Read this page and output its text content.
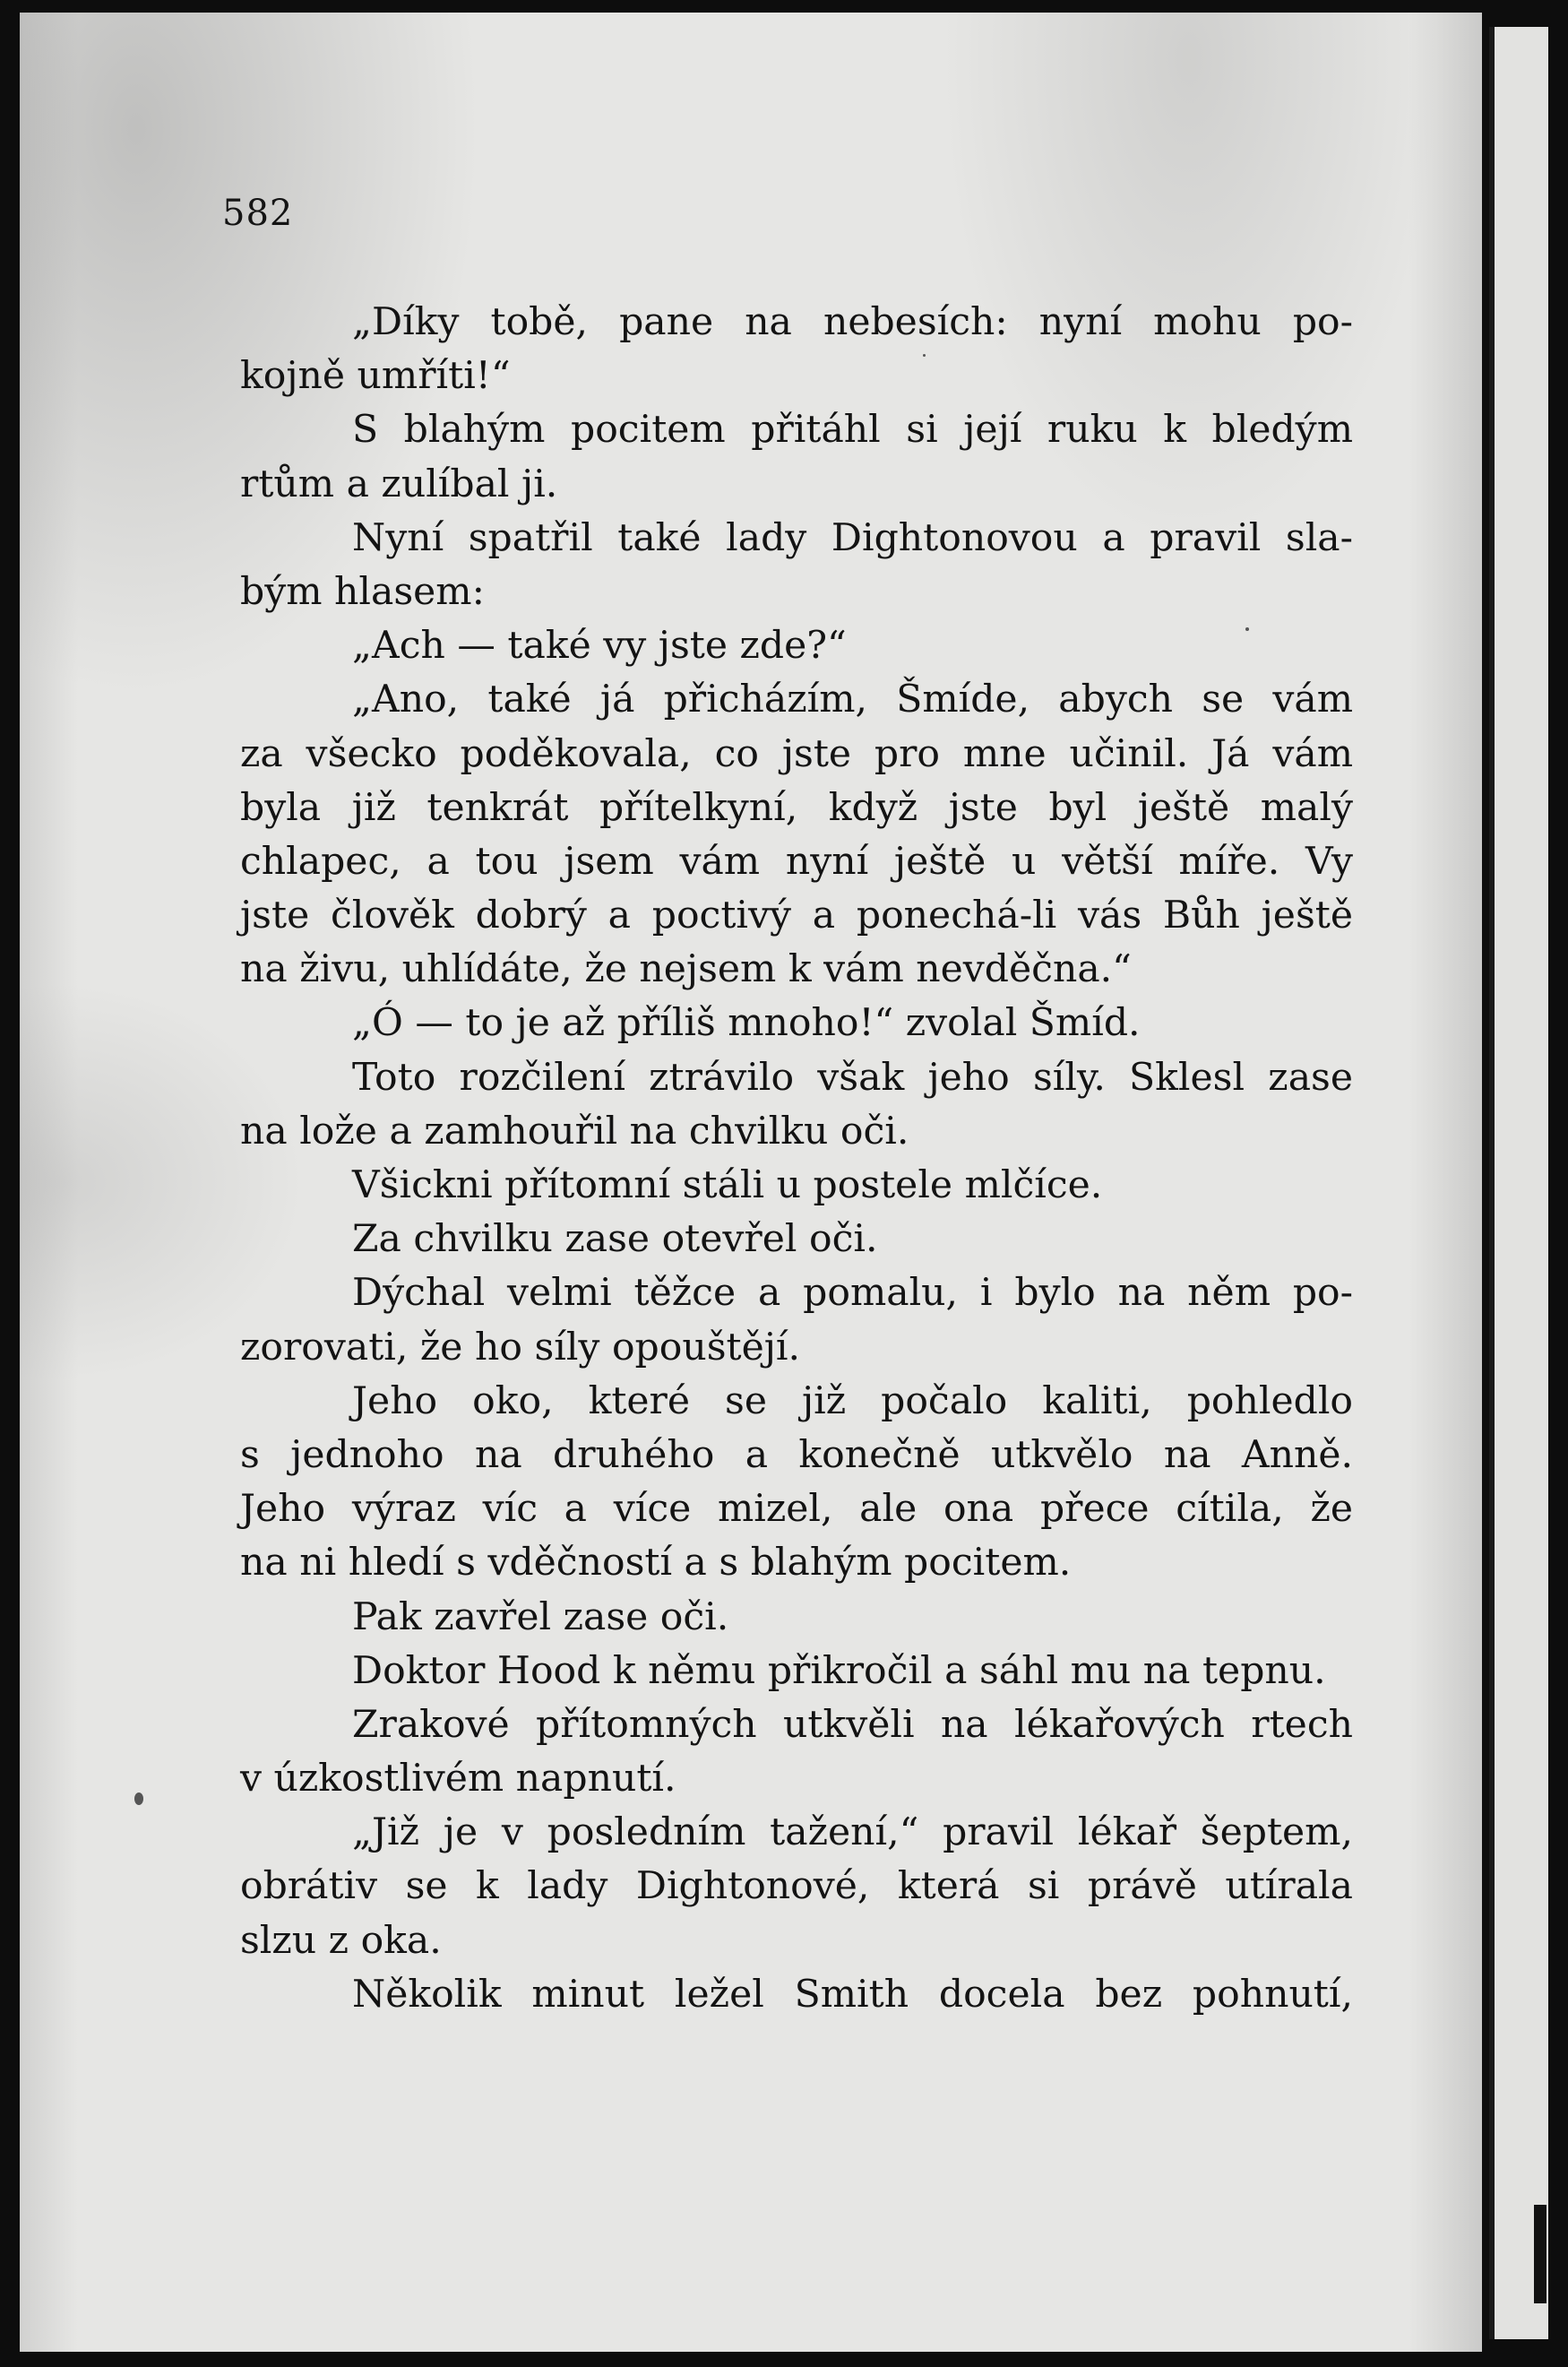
582
„Díky tobě, pane na nebesích: nyní mohu po-
kojně umříti!“
S blahým pocitem přitáhl si její ruku k bledým
rtům a zulíbal ji.
Nyní spatřil také lady Dightonovou a pravil sla-
bým hlasem:
„Ach — také vy jste zde?“
„Ano, také já přicházím, Šmíde, abych se vám
za všecko poděkovala, co jste pro mne učinil. Já vám
byla již tenkrát přítelkyní, když jste byl ještě malý
chlapec, a tou jsem vám nyní ještě u větší míře. Vy
jste člověk dobrý a poctivý a ponechá-li vás Bůh ještě
na živu, uhlídáte, že nejsem k vám nevděčna.“
„Ó — to je až příliš mnoho!“ zvolal Šmíd.
Toto rozčilení ztrávilo však jeho síly. Sklesl zase
na lože a zamhouřil na chvilku oči.
Všickni přítomní stáli u postele mlčíce.
Za chvilku zase otevřel oči.
Dýchal velmi těžce a pomalu, i bylo na něm po-
zorovati, že ho síly opouštějí.
Jeho oko, které se již počalo kaliti, pohledlo
s jednoho na druhého a konečně utkvělo na Anně.
Jeho výraz víc a více mizel, ale ona přece cítila, že
na ni hledí s vděčností a s blahým pocitem.
Pak zavřel zase oči.
Doktor Hood k němu přikročil a sáhl mu na tepnu.
Zrakové přítomných utkvěli na lékařových rtech
v úzkostlivém napnutí.
„Již je v posledním tažení,“ pravil lékař šeptem,
obrátiv se k lady Dightonové, která si právě utírala
slzu z oka.
Několik minut ležel Smith docela bez pohnutí,
